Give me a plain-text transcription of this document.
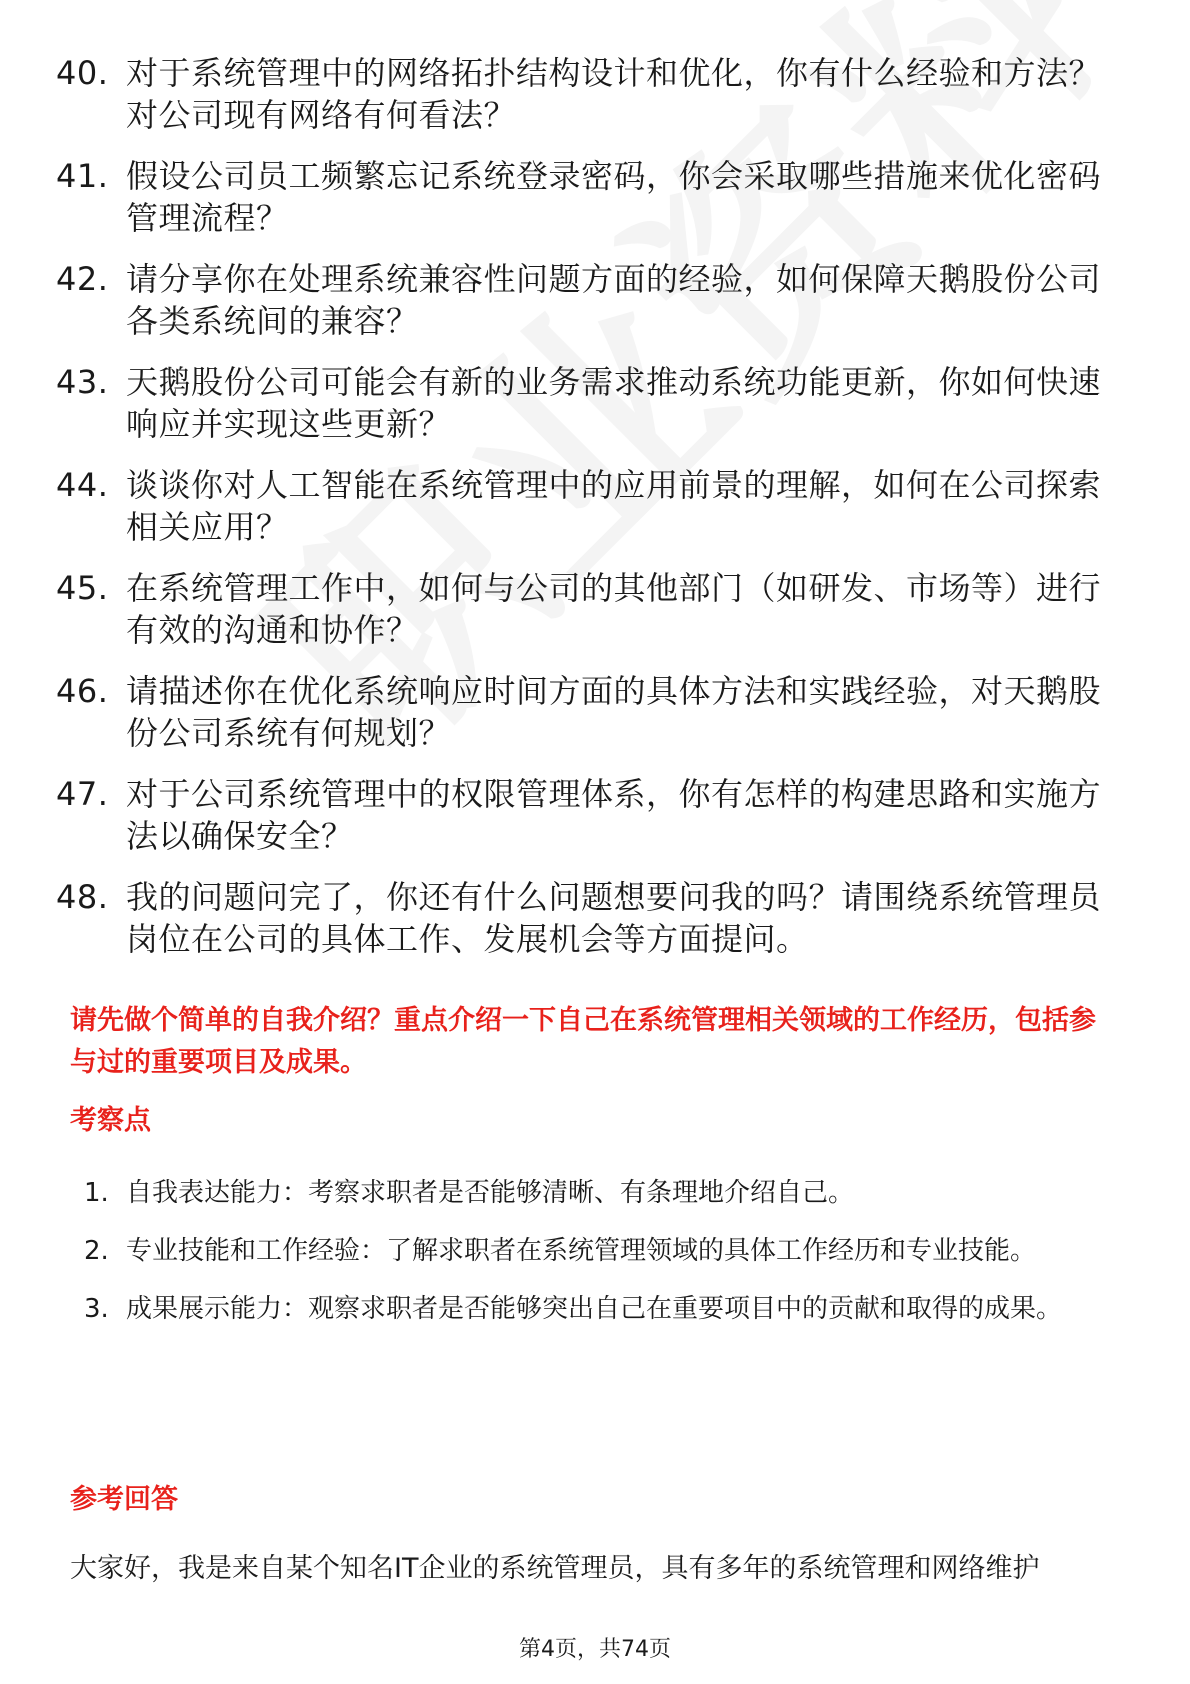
40. 对于系统管理中的网络拓扑结构设计和优化，你有什么经验和方法？对公司现有网络有何看法？
41. 假设公司员工频繁忘记系统登录密码，你会采取哪些措施来优化密码管理流程？
42. 请分享你在处理系统兼容性问题方面的经验，如何保障天鹅股份公司各类系统间的兼容？
43. 天鹅股份公司可能会有新的业务需求推动系统功能更新，你如何快速响应并实现这些更新？
44. 谈谈你对人工智能在系统管理中的应用前景的理解，如何在公司探索相关应用？
45. 在系统管理工作中，如何与公司的其他部门（如研发、市场等）进行有效的沟通和协作？
46. 请描述你在优化系统响应时间方面的具体方法和实践经验，对天鹅股份公司系统有何规划？
47. 对于公司系统管理中的权限管理体系，你有怎样的构建思路和实施方法以确保安全？
48. 我的问题问完了，你还有什么问题想要问我的吗？请围绕系统管理员岗位在公司的具体工作、发展机会等方面提问。
请先做个简单的自我介绍？重点介绍一下自己在系统管理相关领域的工作经历，包括参与过的重要项目及成果。
考察点
1. 自我表达能力：考察求职者是否能够清晰、有条理地介绍自己。
2. 专业技能和工作经验：了解求职者在系统管理领域的具体工作经历和专业技能。
3. 成果展示能力：观察求职者是否能够突出自己在重要项目中的贡献和取得的成果。
参考回答
大家好，我是来自某个知名IT企业的系统管理员，具有多年的系统管理和网络维护
第4页，共74页
